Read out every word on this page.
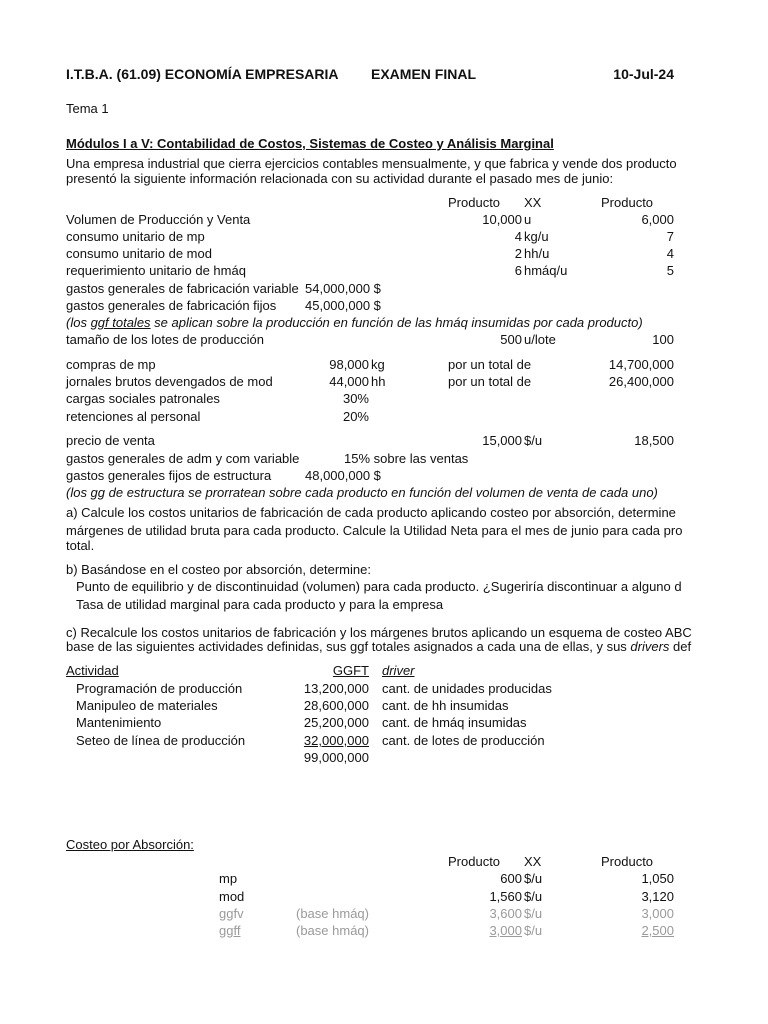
I.T.B.A. (61.09) ECONOMÍA EMPRESARIA EXAMEN FINAL	10-Jul-24
Tema 1
Módulos I a V: Contabilidad de Costos, Sistemas de Costeo y Análisis Marginal
Una empresa industrial que cierra ejercicios contables mensualmente, y que fabrica y vende dos producto
presentó la siguiente información relacionada con su actividad durante el pasado mes de junio:
Producto XX	Producto
Volumen de Producción y Venta	10,000 u	6,000
consumo unitario de mp	4 kg/u	7
consumo unitario de mod	2 hh/u	4
requerimiento unitario de hmáq	6 hmáq/u	5
gastos generales de fabricación variable 54,000,000 $
gastos generales de fabricación fijos 45,000,000 $
(los ggf totales se aplican sobre la producción en función de las hmáq insumidas por cada producto)
tamaño de los lotes de producción	500 u/lote	100
compras de mp	98,000 kg	por un total de	14,700,000
jornales brutos devengados de mod	44,000 hh	por un total de	26,400,000
cargas sociales patronales	30%
retenciones al personal	20%
precio de venta	15,000 $/u	18,500
gastos generales de adm y com variable	15% sobre las ventas
gastos generales fijos de estructura	48,000,000 $
(los gg de estructura se prorratean sobre cada producto en función del volumen de venta de cada uno)
a) Calcule los costos unitarios de fabricación de cada producto aplicando costeo por absorción, determine
márgenes de utilidad bruta para cada producto. Calcule la Utilidad Neta para el mes de junio para cada pro
total.
b) Basándose en el costeo por absorción, determine:
Punto de equilibrio y de discontinuidad (volumen) para cada producto. ¿Sugeriría discontinuar a alguno d
Tasa de utilidad marginal para cada producto y para la empresa
c) Recalcule los costos unitarios de fabricación y los márgenes brutos aplicando un esquema de costeo ABC
base de las siguientes actividades definidas, sus ggf totales asignados a cada una de ellas, y sus drivers def
Actividad	GGFT driver
Programación de producción	13,200,000 cant. de unidades producidas
Manipuleo de materiales	28,600,000 cant. de hh insumidas
Mantenimiento	25,200,000 cant. de hmáq insumidas
Seteo de línea de producción	32,000,000 cant. de lotes de producción
99,000,000
Costeo por Absorción:
Producto XX	Producto
mp	600 $/u	1,050
mod	1,560 $/u	3,120
ggfv	(base hmáq)	3,600 $/u	3,000
ggff	(base hmáq)	3,000 $/u	2,500
